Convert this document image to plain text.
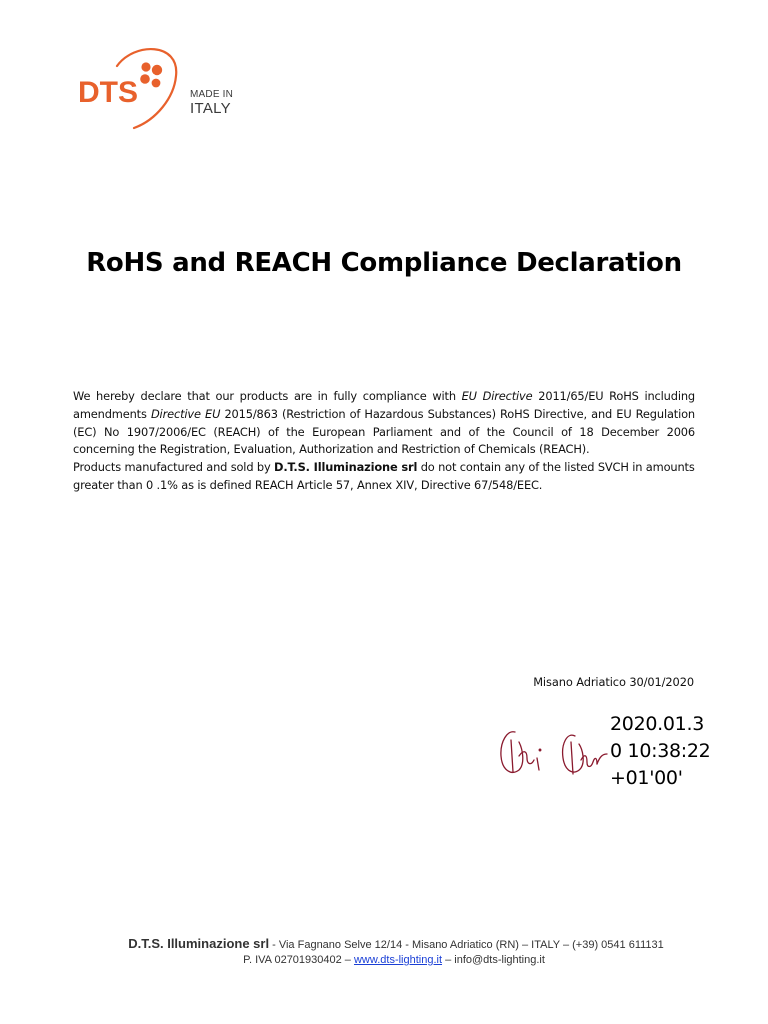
DTS	MADE IN
ITALY
RoHS and REACH Compliance Declaration

We hereby declare that our products are in fully compliance with EU Directive 2011/65/EU RoHS including amendments Directive EU 2015/863 (Restriction of Hazardous Substances) RoHS Directive, and EU Regulation (EC) No 1907/2006/EC (REACH) of the European Parliament and of the Council of 18 December 2006 concerning the Registration, Evaluation, Authorization and Restriction of Chemicals (REACH).

Products manufactured and sold by D.T.S. Illuminazione srl do not contain any of the listed SVCH in amounts greater than 0 .1% as is defined REACH Article 57, Annex XIV, Directive 67/548/EEC.

Misano Adriatico 30/01/2020
2020.01.3
0 10:38:22
+01'00'
D.T.S. Illuminazione srl - Via Fagnano Selve 12/14 - Misano Adriatico (RN) – ITALY – (+39) 0541 611131
P. IVA 02701930402 – www.dts-lighting.it – info@dts-lighting.it
